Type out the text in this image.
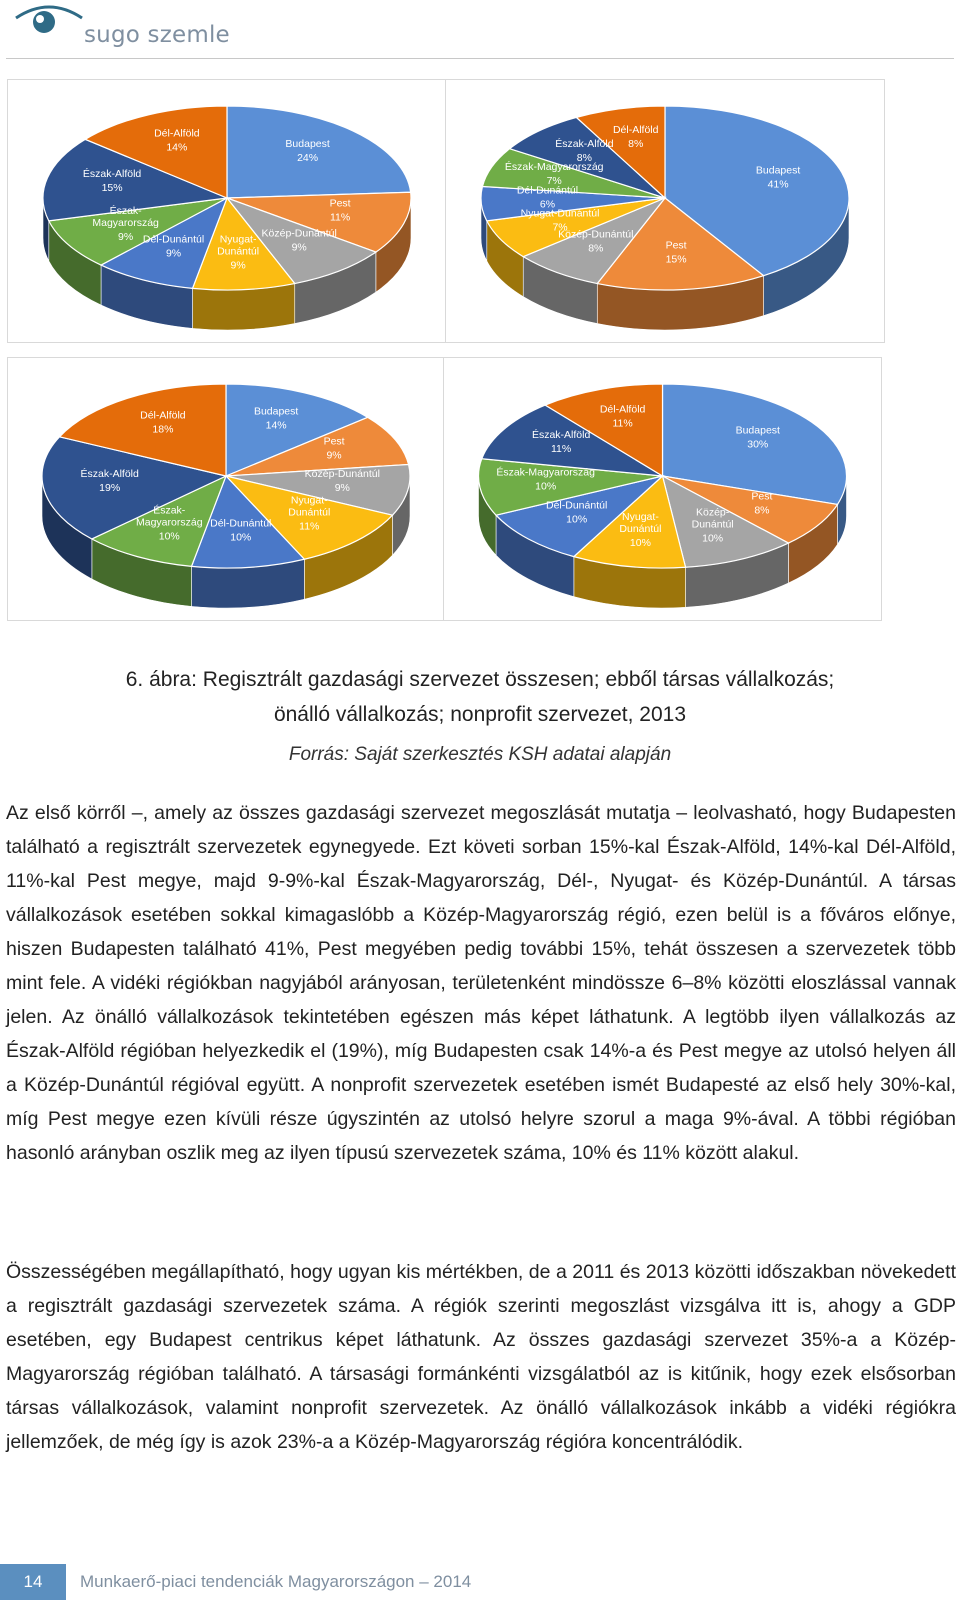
sugo szemle
Budapest
24%
Pest
11%
Közép-Dunántúl
9%
Nyugat-
Dunántúl
9%
Dél-Dunántúl
9%
Észak-
Magyarország
9%
Észak-Alföld
15%
Dél-Alföld
14%
Budapest
41%
Pest
15%
Közép-Dunántúl
8%
Nyugat-Dunántúl
7%
Dél-Dunántúl
6%
Észak-Magyarország
7%
Észak-Alföld
8%
Dél-Alföld
8%
Budapest
14%
Pest
9%
Közép-Dunántúl
9%
Nyugat-
Dunántúl
11%
Dél-Dunántúl
10%
Észak-
Magyarország
10%
Észak-Alföld
19%
Dél-Alföld
18%	Budapest
30%
Pest
8%
Közép-
Dunántúl
10%
Nyugat-
Dunántúl
10%
Dél-Dunántúl
10%
Észak-Magyarország
10%
Észak-Alföld
11%
Dél-Alföld
11%
6. ábra: Regisztrált gazdasági szervezet összesen; ebből társas vállalkozás;
önálló vállalkozás; nonprofit szervezet, 2013
Forrás: Saját szerkesztés KSH adatai alapján
Az első körről –, amely az összes gazdasági szervezet megoszlását mutatja – leolvasható, hogy Budapesten található a regisztrált szervezetek egynegyede. Ezt követi sorban 15%-kal Észak-Alföld, 14%-kal Dél-Alföld, 11%-kal Pest megye, majd 9-9%-kal Észak-Magyarország, Dél-, Nyugat- és Közép-Dunántúl. A társas vállalkozások esetében sokkal kimagaslóbb a Közép-Magyarország régió, ezen belül is a főváros előnye, hiszen Budapesten található 41%, Pest megyében pedig további 15%, tehát összesen a szervezetek több mint fele. A vidéki régiókban nagyjából arányosan, területenként mindössze 6–8% közötti eloszlással vannak jelen. Az önálló vállalkozások tekintetében egészen más képet láthatunk. A legtöbb ilyen vállalkozás az Észak-Alföld régióban helyezkedik el (19%), míg Budapesten csak 14%-a és Pest megye az utolsó helyen áll a Közép-Dunántúl régióval együtt. A nonprofit szervezetek esetében ismét Budapesté az első hely 30%-kal, míg Pest megye ezen kívüli része úgyszintén az utolsó helyre szorul a maga 9%-ával. A többi régióban hasonló arányban oszlik meg az ilyen típusú szervezetek száma, 10% és 11% között alakul.
Összességében megállapítható, hogy ugyan kis mértékben, de a 2011 és 2013 közötti időszakban növekedett a regisztrált gazdasági szervezetek száma. A régiók szerinti megoszlást vizsgálva itt is, ahogy a GDP esetében, egy Budapest centrikus képet láthatunk. Az összes gazdasági szervezet 35%-a a Közép-Magyarország régióban található. A társasági formánkénti vizsgálatból az is kitűnik, hogy ezek elsősorban társas vállalkozások, valamint nonprofit szervezetek. Az önálló vállalkozások inkább a vidéki régiókra jellemzőek, de még így is azok 23%-a a Közép-Magyarország régióra koncentrálódik.
14	Munkaerő-piaci tendenciák Magyarországon – 2014
